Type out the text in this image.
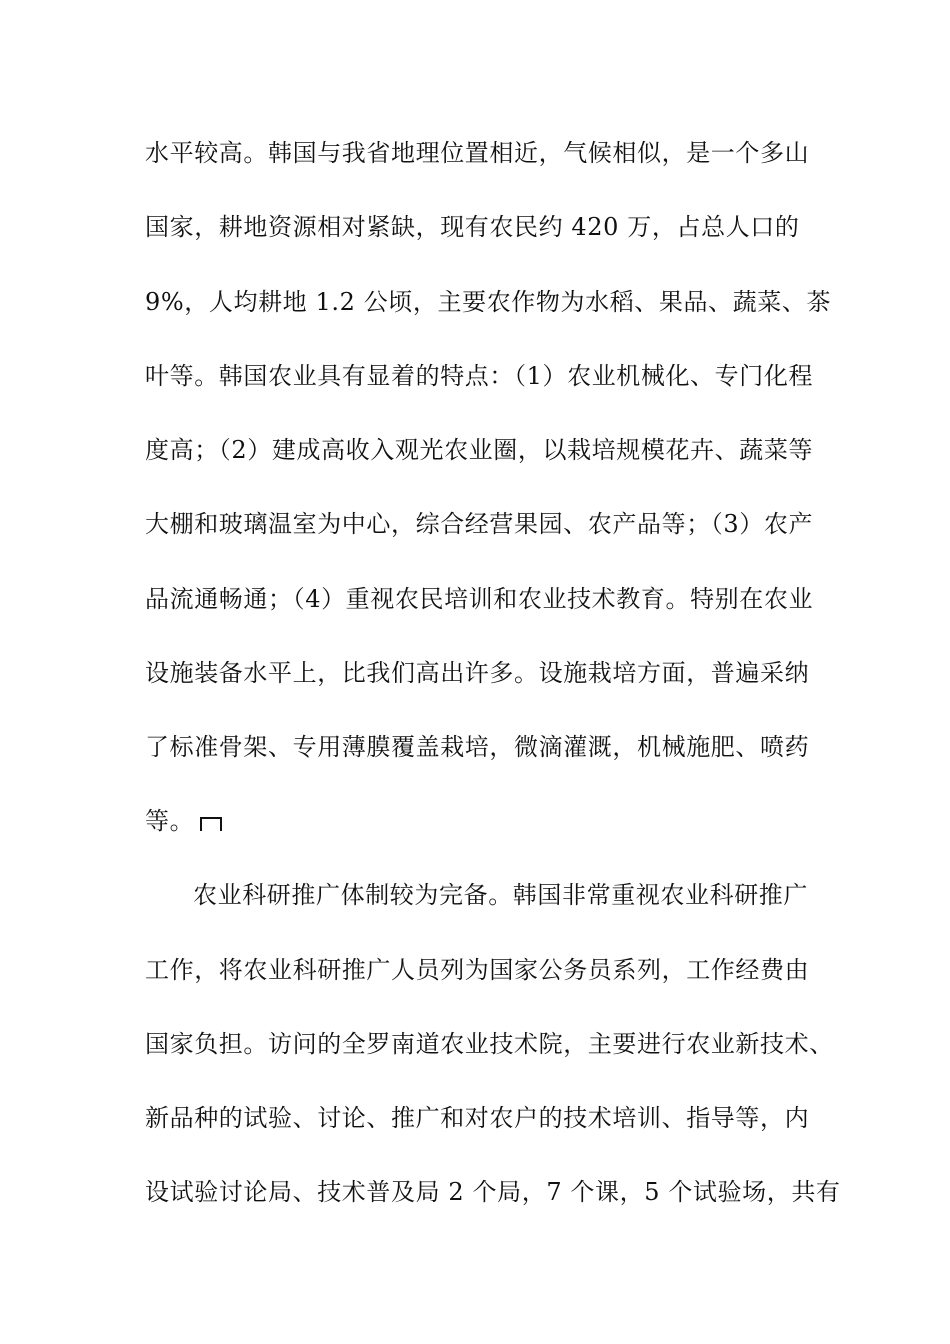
水平较高。韩国与我省地理位置相近，气候相似，是一个多山
国家，耕地资源相对紧缺，现有农民约 420 万，占总人口的
9%，人均耕地 1.2 公顷，主要农作物为水稻、果品、蔬菜、茶
叶等。韩国农业具有显着的特点：（1）农业机械化、专门化程
度高；（2）建成高收入观光农业圈，以栽培规模花卉、蔬菜等
大棚和玻璃温室为中心，综合经营果园、农产品等；（3）农产
品流通畅通；（4）重视农民培训和农业技术教育。特别在农业
设施装备水平上，比我们高出许多。设施栽培方面，普遍采纳
了标准骨架、专用薄膜覆盖栽培，微滴灌溉，机械施肥、喷药
等。
农业科研推广体制较为完备。韩国非常重视农业科研推广
工作，将农业科研推广人员列为国家公务员系列，工作经费由
国家负担。访问的全罗南道农业技术院，主要进行农业新技术、
新品种的试验、讨论、推广和对农户的技术培训、指导等，内
设试验讨论局、技术普及局 2 个局，7 个课，5 个试验场，共有
